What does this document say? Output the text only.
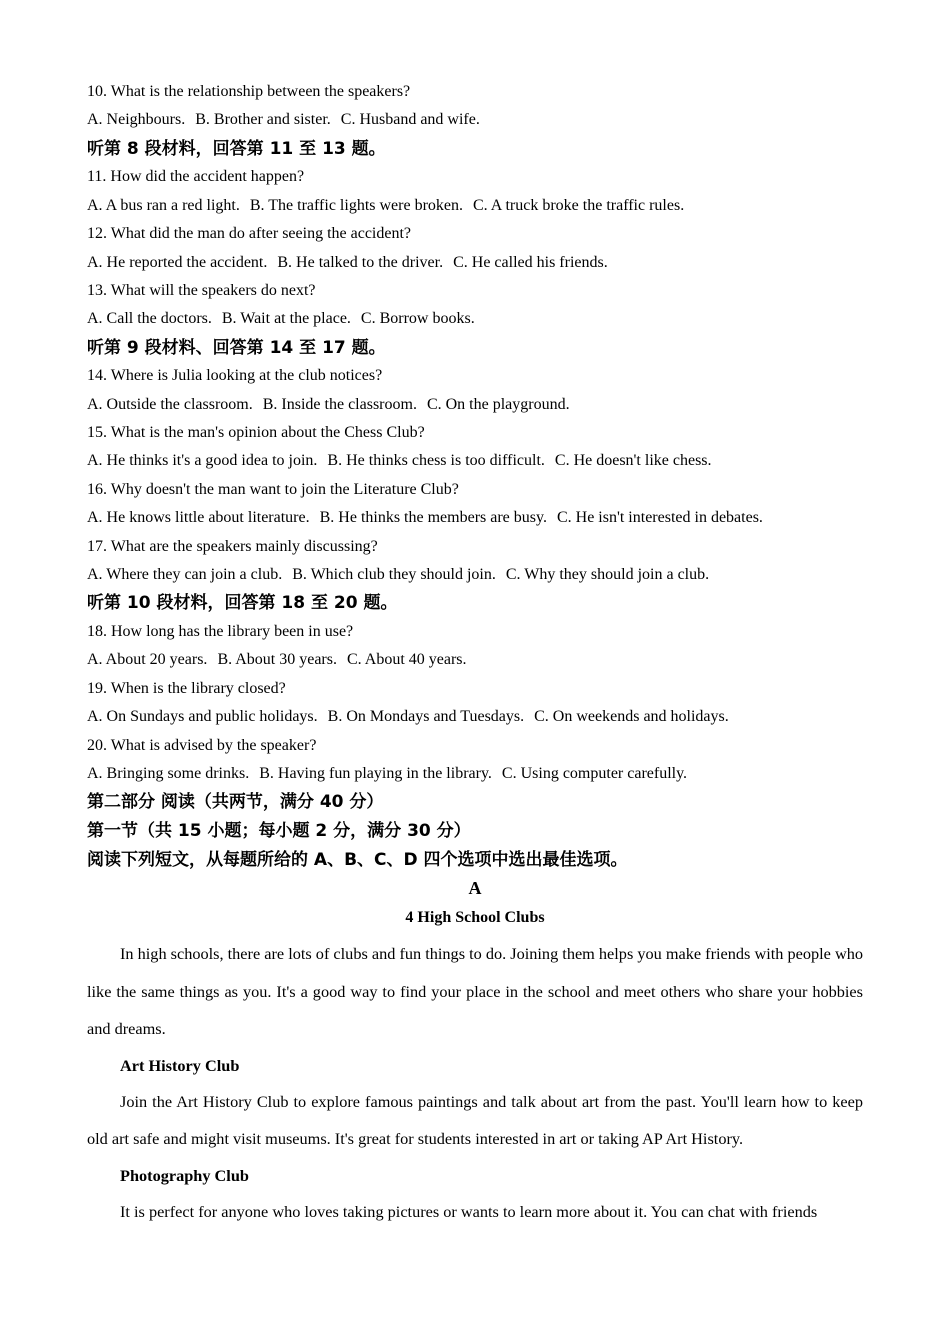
10. What is the relationship between the speakers?
A. Neighbours. B. Brother and sister. C. Husband and wife.
听第 8 段材料，回答第 11 至 13 题。
11. How did the accident happen?
A. A bus ran a red light. B. The traffic lights were broken. C. A truck broke the traffic rules.
12. What did the man do after seeing the accident?
A. He reported the accident. B. He talked to the driver. C. He called his friends.
13. What will the speakers do next?
A. Call the doctors. B. Wait at the place. C. Borrow books.
听第 9 段材料、回答第 14 至 17 题。
14. Where is Julia looking at the club notices?
A. Outside the classroom. B. Inside the classroom. C. On the playground.
15. What is the man's opinion about the Chess Club?
A. He thinks it's a good idea to join. B. He thinks chess is too difficult. C. He doesn't like chess.
16. Why doesn't the man want to join the Literature Club?
A. He knows little about literature. B. He thinks the members are busy. C. He isn't interested in debates.
17. What are the speakers mainly discussing?
A. Where they can join a club. B. Which club they should join. C. Why they should join a club.
听第 10 段材料，回答第 18 至 20 题。
18. How long has the library been in use?
A. About 20 years. B. About 30 years. C. About 40 years.
19. When is the library closed?
A. On Sundays and public holidays. B. On Mondays and Tuesdays. C. On weekends and holidays.
20. What is advised by the speaker?
A. Bringing some drinks. B. Having fun playing in the library. C. Using computer carefully.
第二部分 阅读（共两节，满分 40 分）
第一节（共 15 小题；每小题 2 分，满分 30 分）
阅读下列短文，从每题所给的 A、B、C、D 四个选项中选出最佳选项。
A
4 High School Clubs
In high schools, there are lots of clubs and fun things to do. Joining them helps you make friends with people who like the same things as you. It's a good way to find your place in the school and meet others who share your hobbies and dreams.
Art History Club
Join the Art History Club to explore famous paintings and talk about art from the past. You'll learn how to keep old art safe and might visit museums. It's great for students interested in art or taking AP Art History.
Photography Club
It is perfect for anyone who loves taking pictures or wants to learn more about it. You can chat with friends
